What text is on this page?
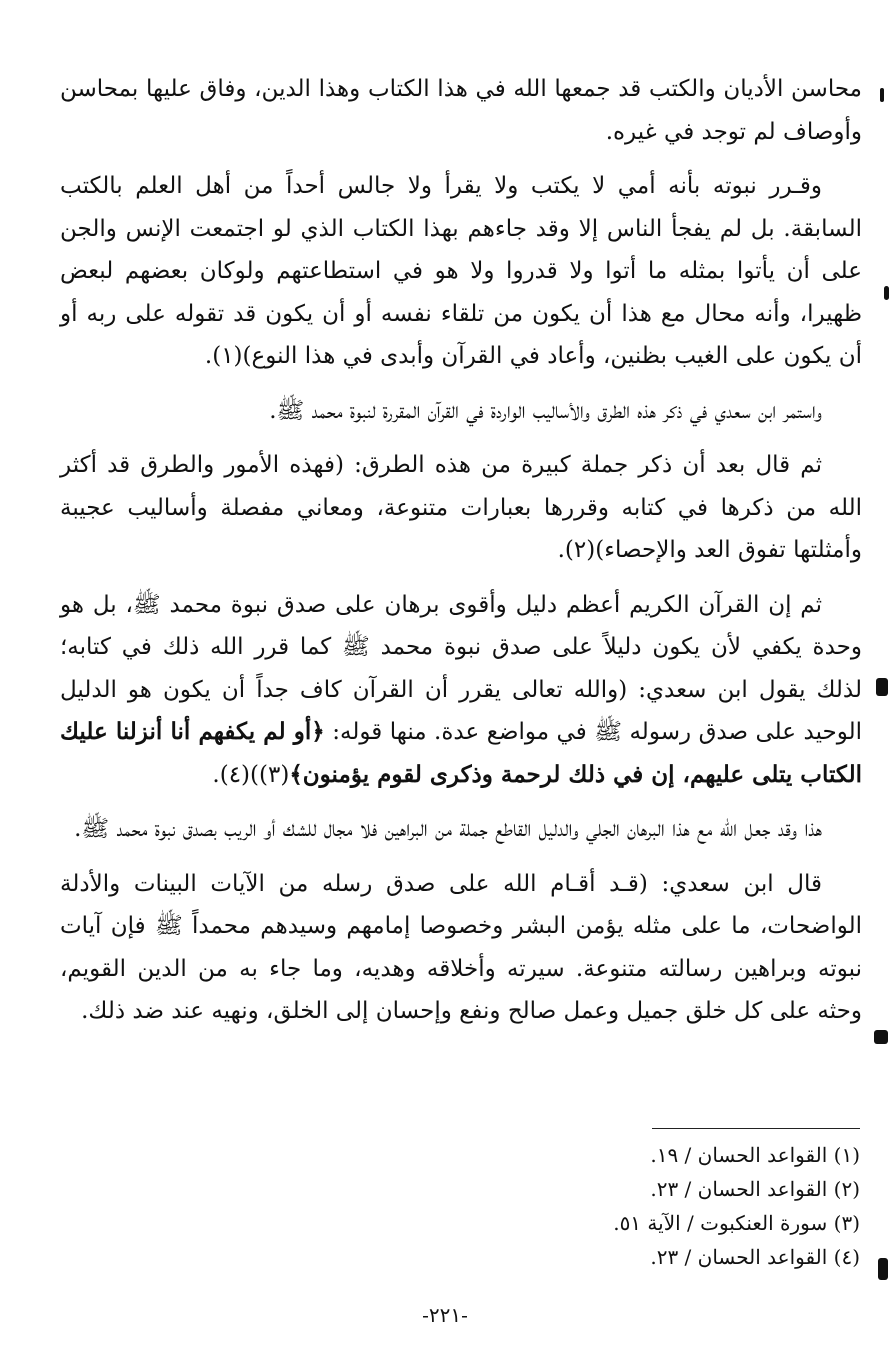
محاسن الأديان والكتب قد جمعها الله في هذا الكتاب وهذا الدين، وفاق عليها بمحاسن وأوصاف لم توجد في غيره.

وقـرر نبوته بأنه أمي لا يكتب ولا يقرأ ولا جالس أحداً من أهل العلم بالكتب السابقة. بل لم يفجأ الناس إلا وقد جاءهم بهذا الكتاب الذي لو اجتمعت الإنس والجن على أن يأتوا بمثله ما أتوا ولا قدروا ولا هو في استطاعتهم ولوكان بعضهم لبعض ظهيرا، وأنه محال مع هذا أن يكون من تلقاء نفسه أو أن يكون قد تقوله على ربه أو أن يكون على الغيب بظنين، وأعاد في القرآن وأبدى في هذا النوع)(١).

واستمر ابن سعدي في ذكر هذه الطرق والأساليب الواردة في القرآن المقررة لنبوة محمد ﷺ.

ثم قال بعد أن ذكر جملة كبيرة من هذه الطرق: (فهذه الأمور والطرق قد أكثر الله من ذكرها في كتابه وقررها بعبارات متنوعة، ومعاني مفصلة وأساليب عجيبة وأمثلتها تفوق العد والإحصاء)(٢).

ثم إن القرآن الكريم أعظم دليل وأقوى برهان على صدق نبوة محمد ﷺ، بل هو وحدة يكفي لأن يكون دليلاً على صدق نبوة محمد ﷺ كما قرر الله ذلك في كتابه؛ لذلك يقول ابن سعدي: (والله تعالى يقرر أن القرآن كاف جداً أن يكون هو الدليل الوحيد على صدق رسوله ﷺ في مواضع عدة. منها قوله: ﴿أو لم يكفهم أنا أنزلنا عليك الكتاب يتلى عليهم، إن في ذلك لرحمة وذكرى لقوم يؤمنون﴾(٣))(٤).

هذا وقد جعل الله مع هذا البرهان الجلي والدليل القاطع جملة من البراهين فلا مجال للشك أو الريب بصدق نبوة محمد ﷺ.

قال ابن سعدي: (قـد أقـام الله على صدق رسله من الآيات البينات والأدلة الواضحات، ما على مثله يؤمن البشر وخصوصا إمامهم وسيدهم محمداً ﷺ فإن آيات نبوته وبراهين رسالته متنوعة. سيرته وأخلاقه وهديه، وما جاء به من الدين القويم، وحثه على كل خلق جميل وعمل صالح ونفع وإحسان إلى الخلق، ونهيه عند ضد ذلك.

(١) القواعد الحسان / ١٩.
(٢) القواعد الحسان / ٢٣.
(٣) سورة العنكبوت / الآية ٥١.
(٤) القواعد الحسان / ٢٣.
-٢٢١-
